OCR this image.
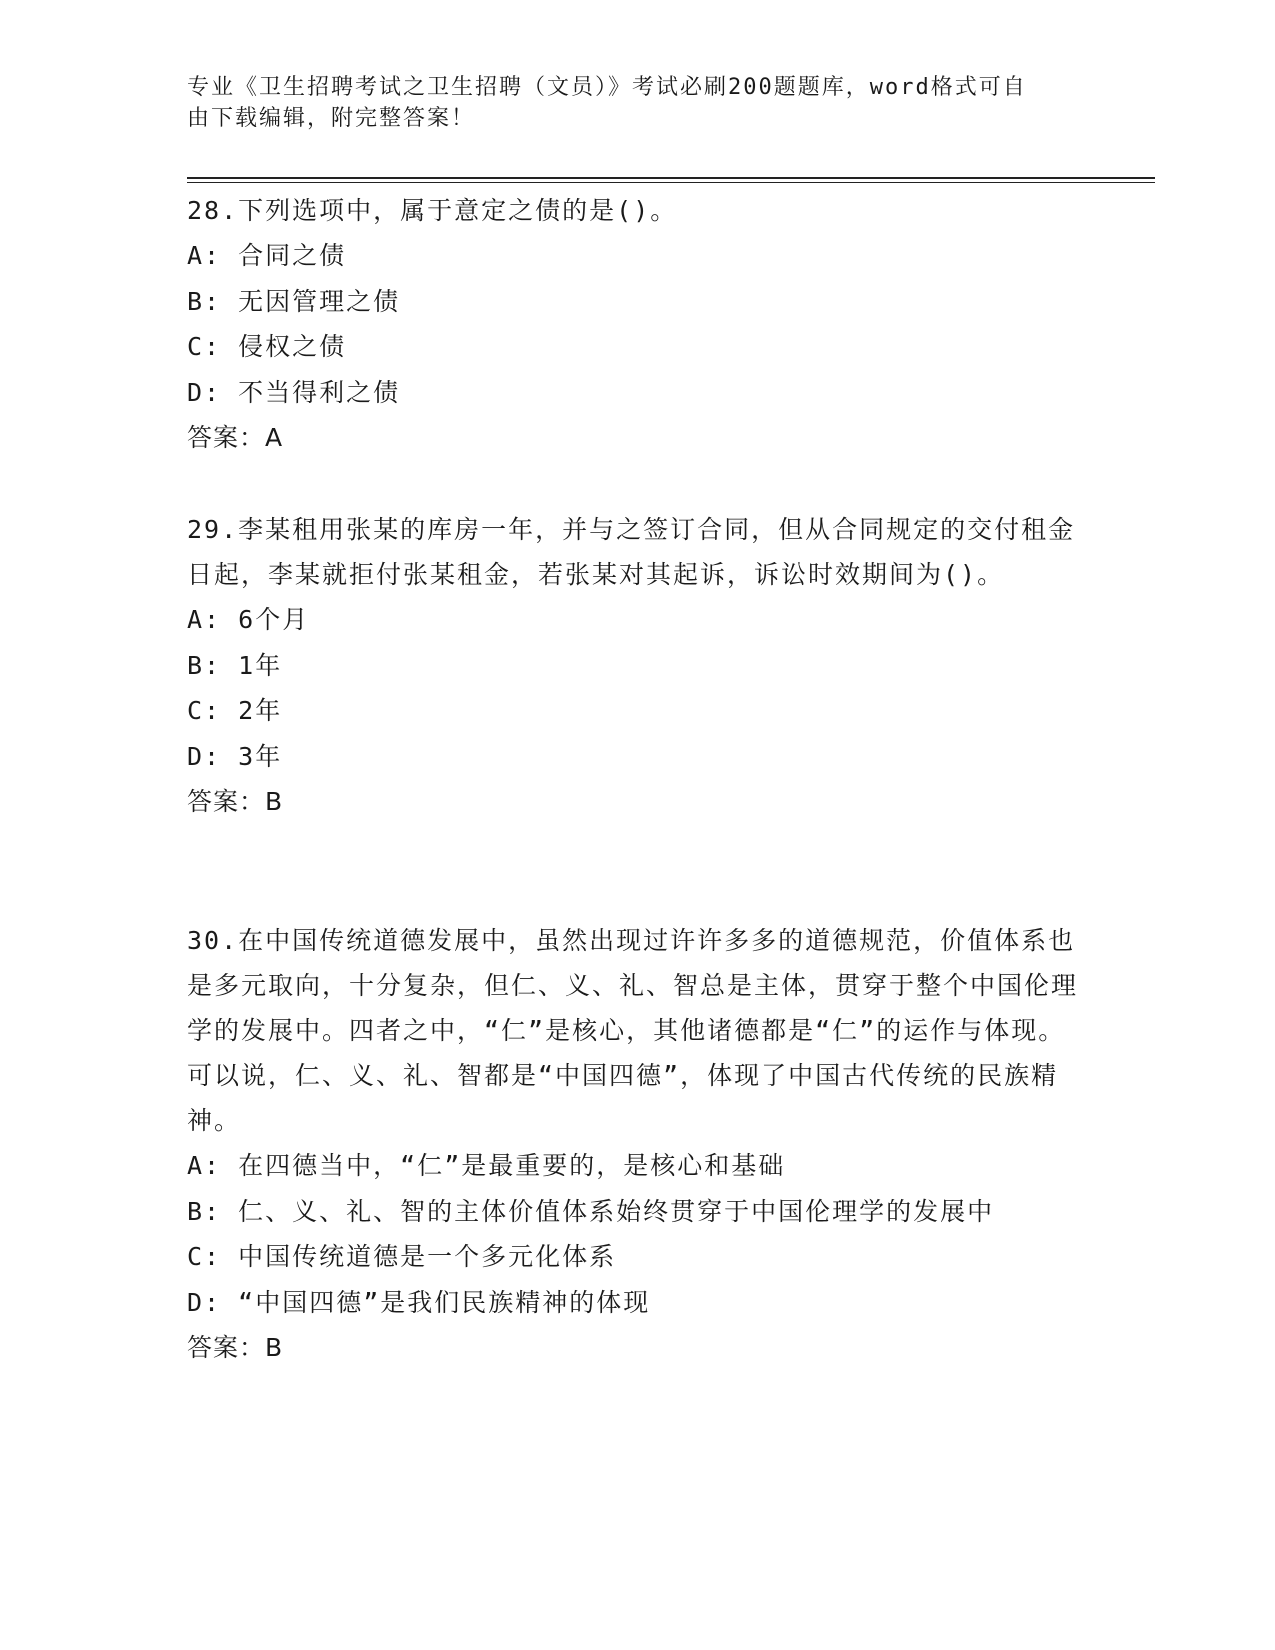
专业《卫生招聘考试之卫生招聘（文员）》考试必刷200题题库，word格式可自
由下载编辑，附完整答案！

28.下列选项中，属于意定之债的是()。

A: 合同之债

B: 无因管理之债

C: 侵权之债

D: 不当得利之债

答案：A

29.李某租用张某的库房一年，并与之签订合同，但从合同规定的交付租金日起，李某就拒付张某租金，若张某对其起诉，诉讼时效期间为()。

A: 6个月

B: 1年

C: 2年

D: 3年

答案：B

30.在中国传统道德发展中，虽然出现过许许多多的道德规范，价值体系也是多元取向，十分复杂，但仁、义、礼、智总是主体，贯穿于整个中国伦理学的发展中。四者之中，“仁”是核心，其他诸德都是“仁”的运作与体现。可以说，仁、义、礼、智都是“中国四德”，体现了中国古代传统的民族精神。

A: 在四德当中，“仁”是最重要的，是核心和基础

B: 仁、义、礼、智的主体价值体系始终贯穿于中国伦理学的发展中

C: 中国传统道德是一个多元化体系

D: “中国四德”是我们民族精神的体现

答案：B
